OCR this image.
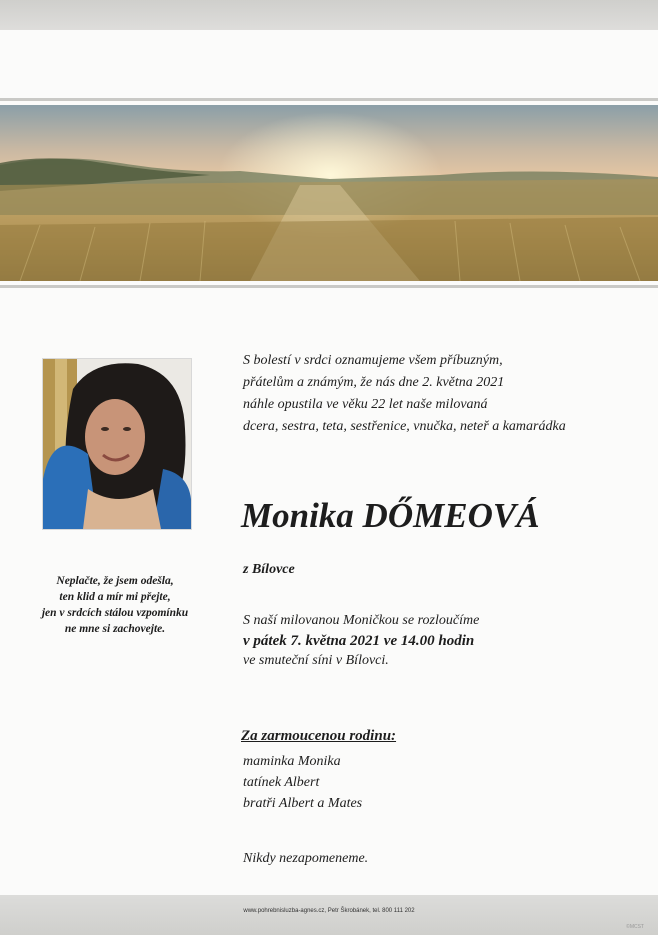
Neplačte, že jsem odešla,
ten klid a mír mi přejte,
jen v srdcích stálou vzpomínku
ne mne si zachovejte.
S bolestí v srdci oznamujeme všem příbuzným,
přátelům a známým, že nás dne 2. května 2021
náhle opustila ve věku 22 let naše milovaná
dcera, sestra, teta, sestřenice, vnučka, neteř a kamarádka
Monika DŐMEOVÁ
z Bílovce
S naší milovanou Moničkou se rozloučíme
v pátek 7. května 2021 ve 14.00 hodin
ve smuteční síni v Bílovci.
Za zarmoucenou rodinu:
maminka Monika
tatínek Albert
bratři Albert a Mates
Nikdy nezapomeneme.
www.pohrebnisluzba-agnes.cz, Petr Škrobánek, tel. 800 111 202
©MCST
